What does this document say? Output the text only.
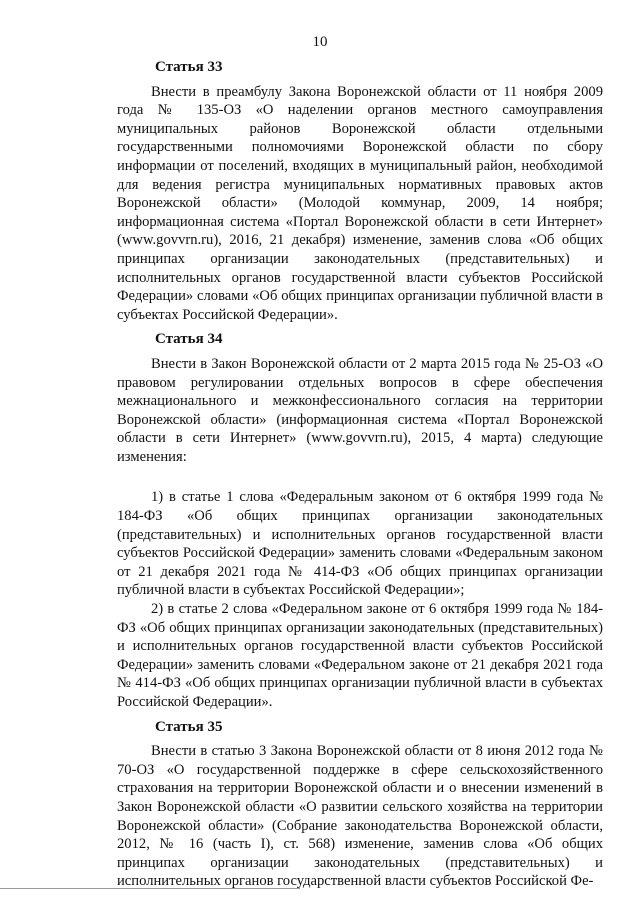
10
Статья 33

Внести в преамбулу Закона Воронежской области от 11 ноября 2009 года № 135-ОЗ «О наделении органов местного самоуправления муниципальных районов Воронежской области отдельными государственными полномочиями Воронежской области по сбору информации от поселений, входящих в муниципальный район, необходимой для ведения регистра муниципальных нормативных правовых актов Воронежской области» (Молодой коммунар, 2009, 14 ноября; информационная система «Портал Воронежской области в сети Интернет» (www.govvrn.ru), 2016, 21 декабря) изменение, заменив слова «Об общих принципах организации законодательных (представительных) и исполнительных органов государственной власти субъектов Российской Федерации» словами «Об общих принципах организации публичной власти в субъектах Российской Федерации».

Статья 34

Внести в Закон Воронежской области от 2 марта 2015 года № 25-ОЗ «О правовом регулировании отдельных вопросов в сфере обеспечения межнационального и межконфессионального согласия на территории Воронежской области» (информационная система «Портал Воронежской области в сети Интернет» (www.govvrn.ru), 2015, 4 марта) следующие изменения:

1) в статье 1 слова «Федеральным законом от 6 октября 1999 года № 184-ФЗ «Об общих принципах организации законодательных (представительных) и исполнительных органов государственной власти субъектов Российской Федерации» заменить словами «Федеральным законом от 21 декабря 2021 года № 414-ФЗ «Об общих принципах организации публичной власти в субъектах Российской Федерации»;

2) в статье 2 слова «Федеральном законе от 6 октября 1999 года № 184-ФЗ «Об общих принципах организации законодательных (представительных) и исполнительных органов государственной власти субъектов Российской Федерации» заменить словами «Федеральном законе от 21 декабря 2021 года № 414-ФЗ «Об общих принципах организации публичной власти в субъектах Российской Федерации».

Статья 35

Внести в статью 3 Закона Воронежской области от 8 июня 2012 года № 70-ОЗ «О государственной поддержке в сфере сельскохозяйственного страхования на территории Воронежской области и о внесении изменений в Закон Воронежской области «О развитии сельского хозяйства на территории Воронежской области» (Собрание законодательства Воронежской области, 2012, № 16 (часть I), ст. 568) изменение, заменив слова «Об общих принципах организации законодательных (представительных) и исполнительных органов государственной власти субъектов Российской Фе-
